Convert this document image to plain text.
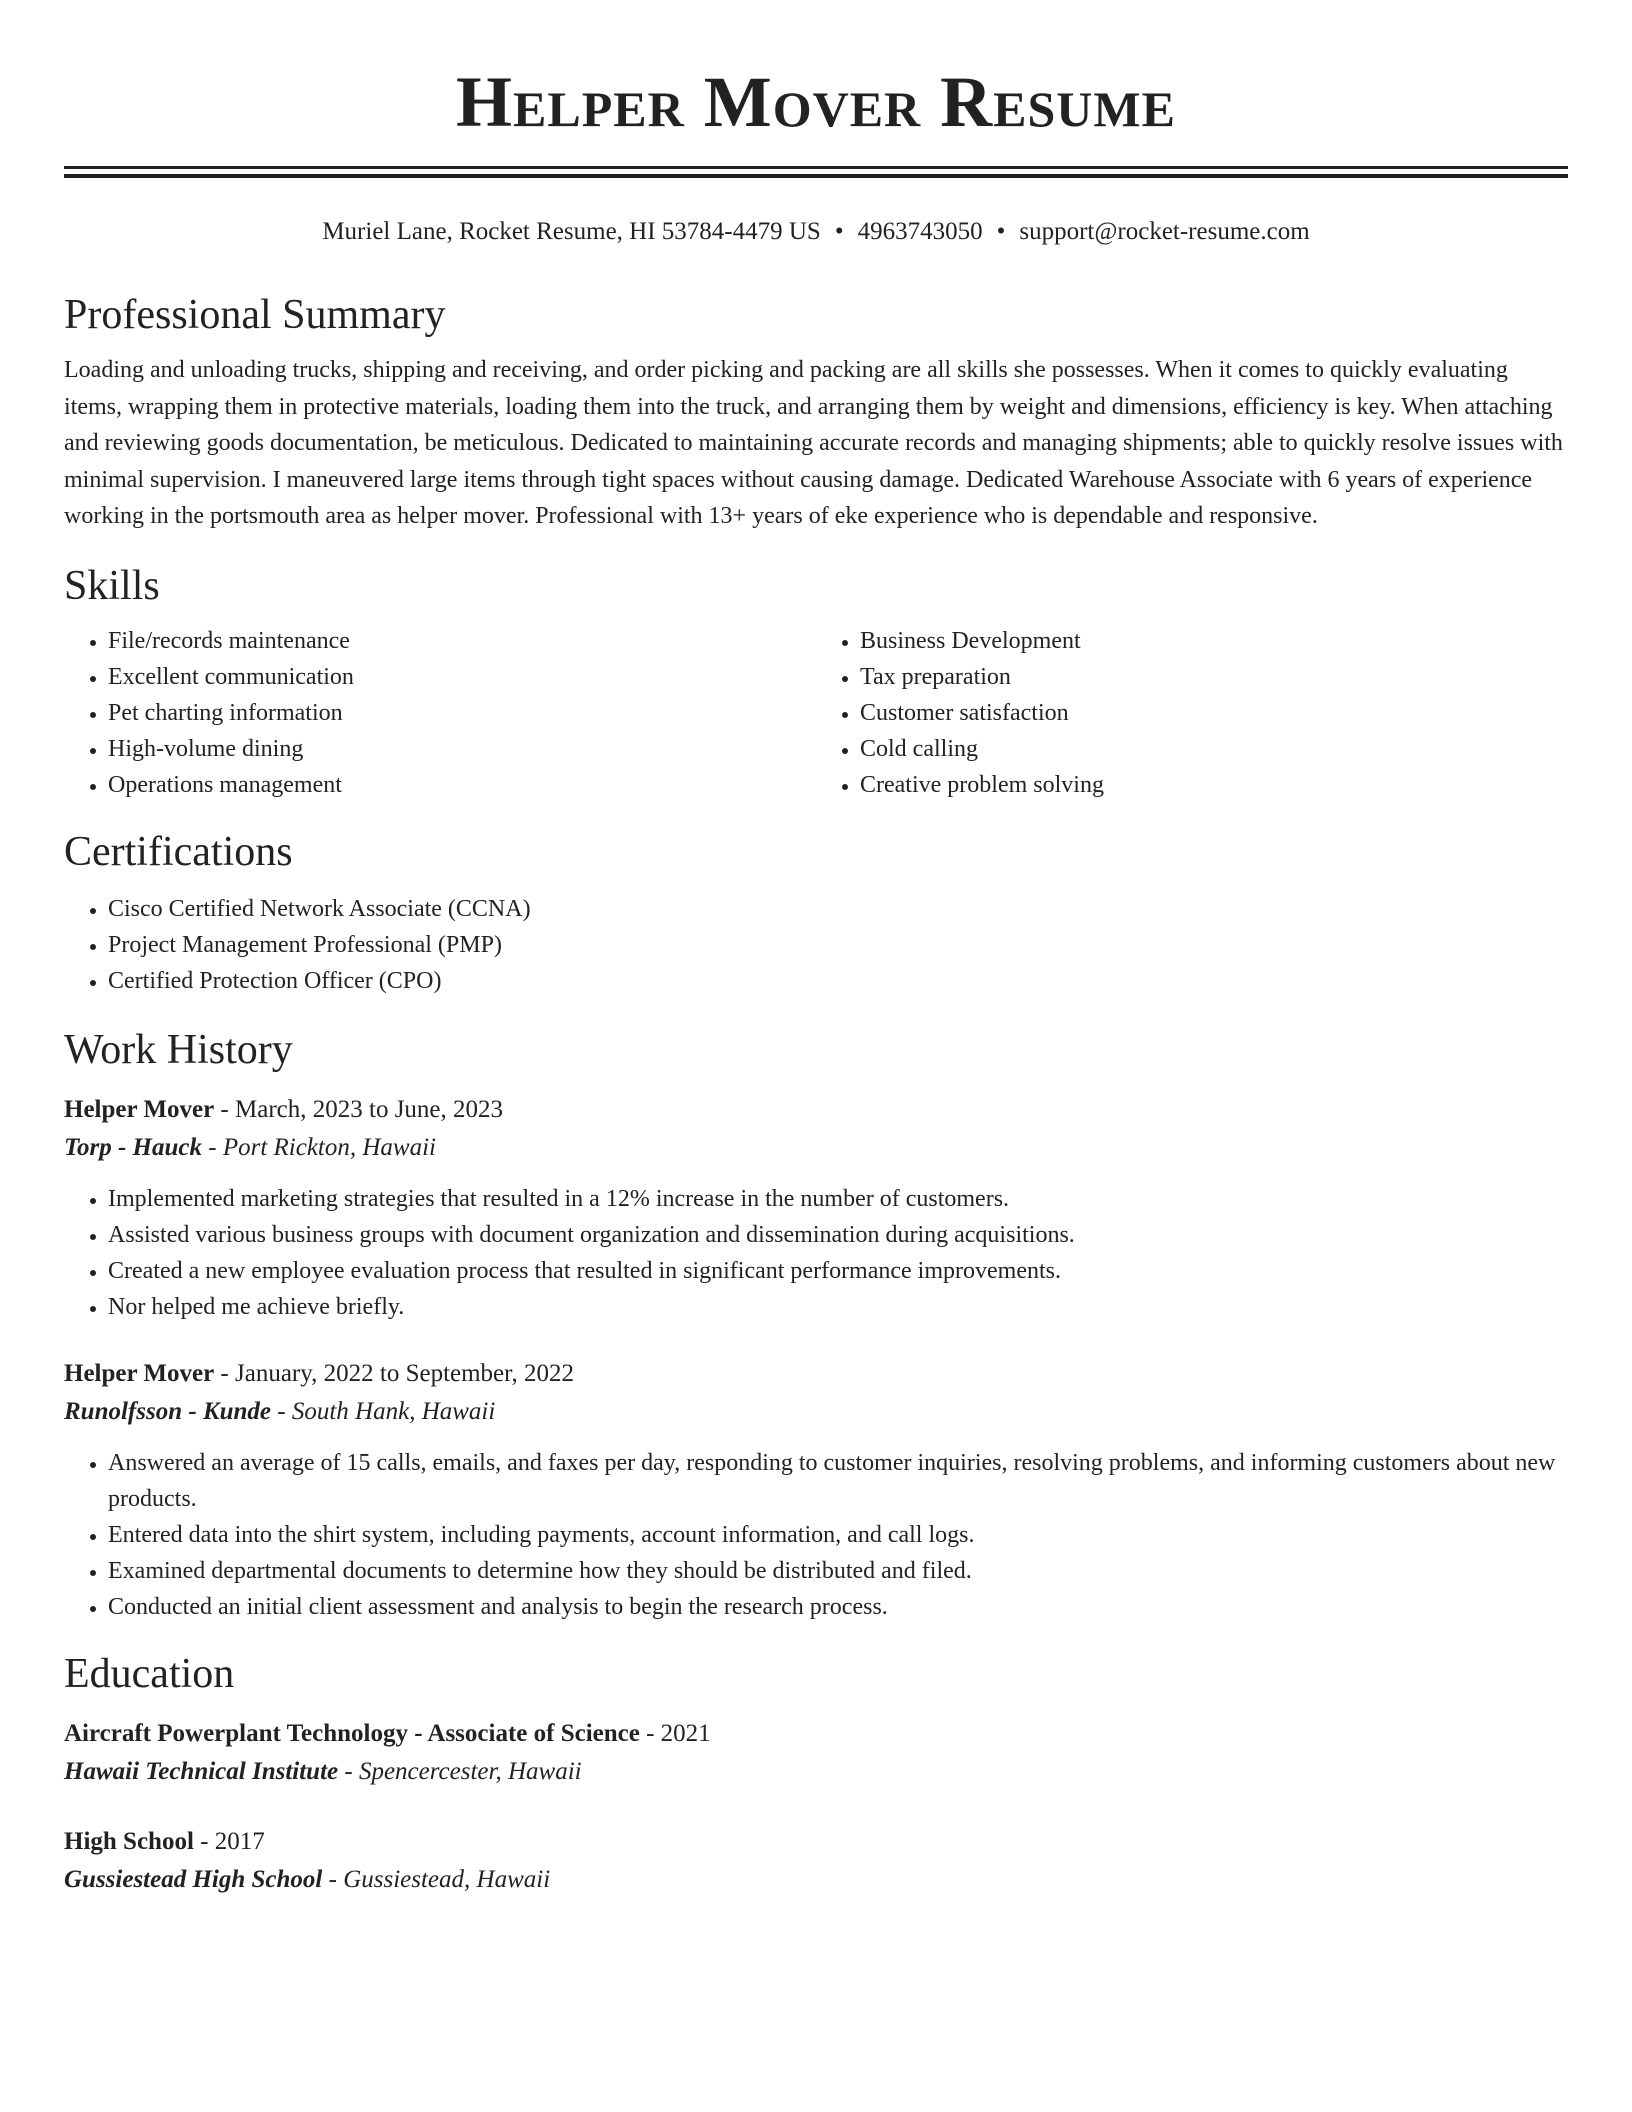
Helper Mover Resume
Muriel Lane, Rocket Resume, HI 53784-4479 US • 4963743050 • support@rocket-resume.com
Professional Summary

Loading and unloading trucks, shipping and receiving, and order picking and packing are all skills she possesses. When it comes to quickly evaluating items, wrapping them in protective materials, loading them into the truck, and arranging them by weight and dimensions, efficiency is key. When attaching and reviewing goods documentation, be meticulous. Dedicated to maintaining accurate records and managing shipments; able to quickly resolve issues with minimal supervision. I maneuvered large items through tight spaces without causing damage. Dedicated Warehouse Associate with 6 years of experience working in the portsmouth area as helper mover. Professional with 13+ years of eke experience who is dependable and responsive.

Skills
• File/records maintenance
• Excellent communication
• Pet charting information
• High-volume dining
• Operations management
• Business Development
• Tax preparation
• Customer satisfaction
• Cold calling
• Creative problem solving
Certifications
• Cisco Certified Network Associate (CCNA)
• Project Management Professional (PMP)
• Certified Protection Officer (CPO)
Work History
Helper Mover - March, 2023 to June, 2023
Torp - Hauck - Port Rickton, Hawaii
• Implemented marketing strategies that resulted in a 12% increase in the number of customers.
• Assisted various business groups with document organization and dissemination during acquisitions.
• Created a new employee evaluation process that resulted in significant performance improvements.
• Nor helped me achieve briefly.
Helper Mover - January, 2022 to September, 2022
Runolfsson - Kunde - South Hank, Hawaii
• Answered an average of 15 calls, emails, and faxes per day, responding to customer inquiries, resolving problems, and informing customers about new products.
• Entered data into the shirt system, including payments, account information, and call logs.
• Examined departmental documents to determine how they should be distributed and filed.
• Conducted an initial client assessment and analysis to begin the research process.
Education
Aircraft Powerplant Technology - Associate of Science - 2021
Hawaii Technical Institute - Spencercester, Hawaii
High School - 2017
Gussiestead High School - Gussiestead, Hawaii
